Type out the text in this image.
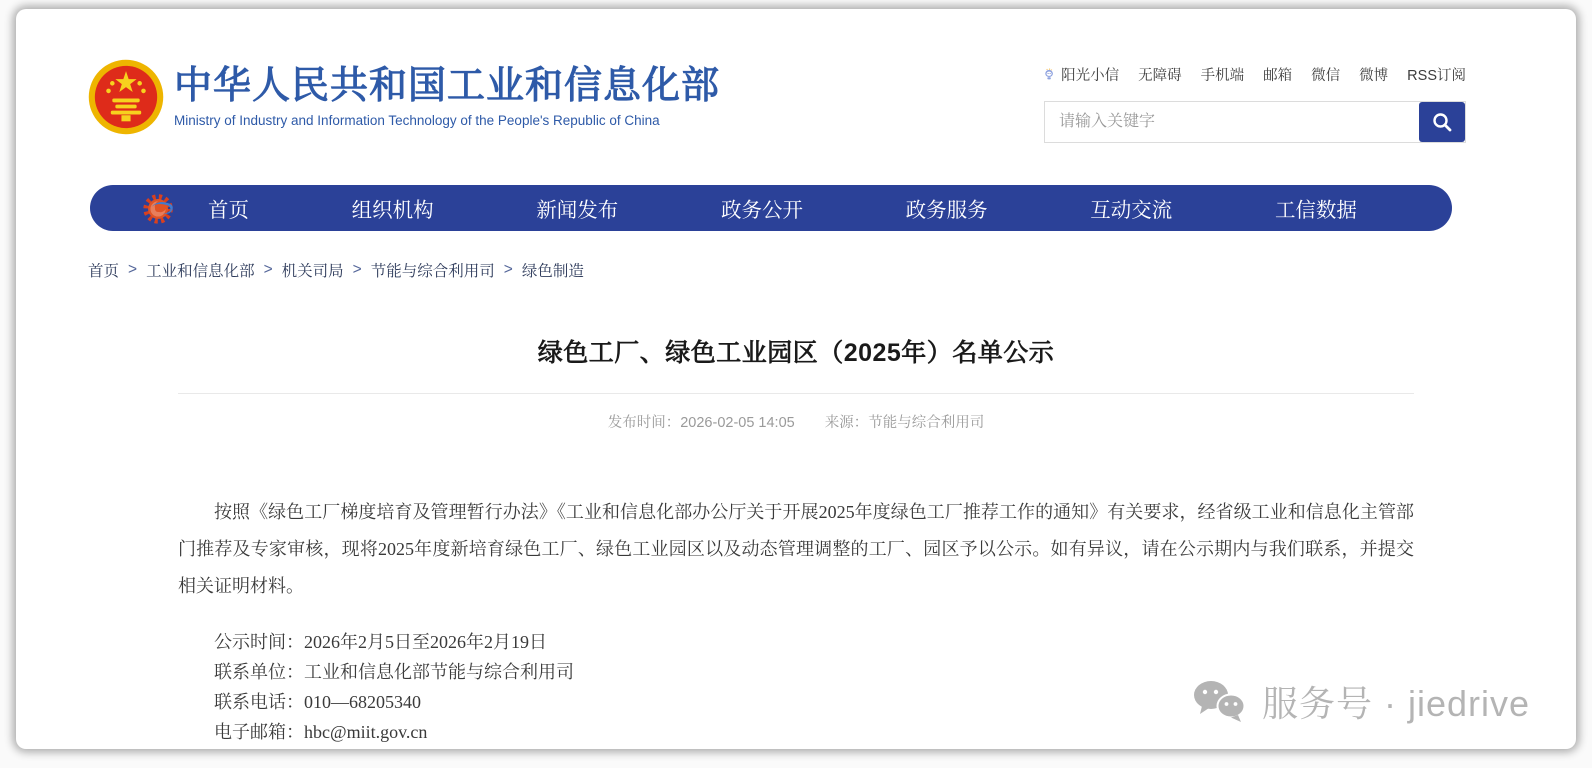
中华人民共和国工业和信息化部
Ministry of Industry and Information Technology of the People's Republic of China
阳光小信 无障碍 手机端 邮箱 微信 微博 RSS订阅
请输入关键字
首页	组织机构	新闻发布	政务公开	政务服务	互动交流	工信数据
首页 > 工业和信息化部 > 机关司局 > 节能与综合利用司 > 绿色制造
绿色工厂、绿色工业园区（2025年）名单公示
发布时间：2026-02-05 14:05 来源：节能与综合利用司

按照《绿色工厂梯度培育及管理暂行办法》《工业和信息化部办公厅关于开展2025年度绿色工厂推荐工作的通知》有关要求，经省级工业和信息化主管部门推荐及专家审核，现将2025年度新培育绿色工厂、绿色工业园区以及动态管理调整的工厂、园区予以公示。如有异议，请在公示期内与我们联系，并提交相关证明材料。

公示时间：2026年2月5日至2026年2月19日

联系单位：工业和信息化部节能与综合利用司

联系电话：010—68205340

电子邮箱：hbc@miit.gov.cn

服务号 · jiedrive
